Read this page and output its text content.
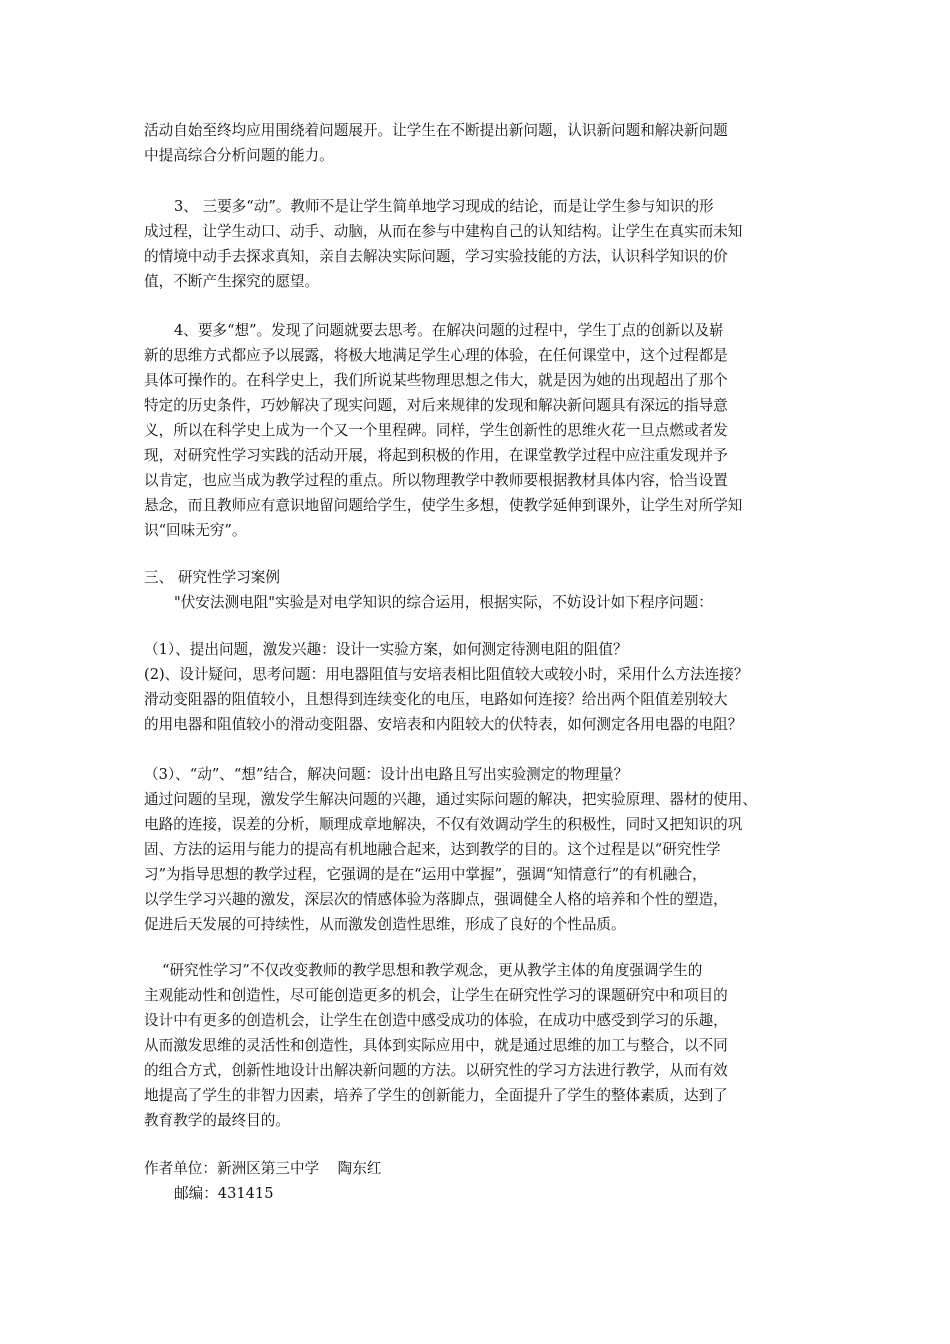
活动自始至终均应用围绕着问题展开。让学生在不断提出新问题，认识新问题和解决新问题
中提高综合分析问题的能力。
3、 三要多“动”。教师不是让学生简单地学习现成的结论，而是让学生参与知识的形
成过程，让学生动口、动手、动脑，从而在参与中建构自己的认知结构。让学生在真实而未知
的情境中动手去探求真知，亲自去解决实际问题，学习实验技能的方法，认识科学知识的价
值，不断产生探究的愿望。
4、要多“想”。发现了问题就要去思考。在解决问题的过程中，学生丁点的创新以及崭
新的思维方式都应予以展露，将极大地满足学生心理的体验，在任何课堂中，这个过程都是
具体可操作的。在科学史上，我们所说某些物理思想之伟大，就是因为她的出现超出了那个
特定的历史条件，巧妙解决了现实问题，对后来规律的发现和解决新问题具有深远的指导意
义，所以在科学史上成为一个又一个里程碑。同样，学生创新性的思维火花一旦点燃或者发
现，对研究性学习实践的活动开展，将起到积极的作用，在课堂教学过程中应注重发现并予
以肯定，也应当成为教学过程的重点。所以物理教学中教师要根据教材具体内容，恰当设置
悬念，而且教师应有意识地留问题给学生，使学生多想，使教学延伸到课外，让学生对所学知
识“回味无穷”。
三、 研究性学习案例
"伏安法测电阻"实验是对电学知识的综合运用，根据实际，不妨设计如下程序问题：
（1）、提出问题，激发兴趣：设计一实验方案，如何测定待测电阻的阻值？
(2)、设计疑问，思考问题：用电器阻值与安培表相比阻值较大或较小时，采用什么方法连接？
滑动变阻器的阻值较小，且想得到连续变化的电压，电路如何连接？给出两个阻值差别较大
的用电器和阻值较小的滑动变阻器、安培表和内阻较大的伏特表，如何测定各用电器的电阻？
（3）、“动”、“想”结合，解决问题：设计出电路且写出实验测定的物理量？
通过问题的呈现，激发学生解决问题的兴趣，通过实际问题的解决，把实验原理、器材的使用、
电路的连接，误差的分析，顺理成章地解决，不仅有效调动学生的积极性，同时又把知识的巩
固、方法的运用与能力的提高有机地融合起来，达到教学的目的。这个过程是以“研究性学
习”为指导思想的教学过程，它强调的是在“运用中掌握”，强调“知情意行”的有机融合，
以学生学习兴趣的激发，深层次的情感体验为落脚点，强调健全人格的培养和个性的塑造，
促进后天发展的可持续性，从而激发创造性思维，形成了良好的个性品质。
“研究性学习”不仅改变教师的教学思想和教学观念，更从教学主体的角度强调学生的
主观能动性和创造性，尽可能创造更多的机会，让学生在研究性学习的课题研究中和项目的
设计中有更多的创造机会，让学生在创造中感受成功的体验，在成功中感受到学习的乐趣，
从而激发思维的灵活性和创造性，具体到实际应用中，就是通过思维的加工与整合，以不同
的组合方式，创新性地设计出解决新问题的方法。以研究性的学习方法进行教学，从而有效
地提高了学生的非智力因素，培养了学生的创新能力，全面提升了学生的整体素质，达到了
教育教学的最终目的。
作者单位：新洲区第三中学    陶东红
邮编：431415
